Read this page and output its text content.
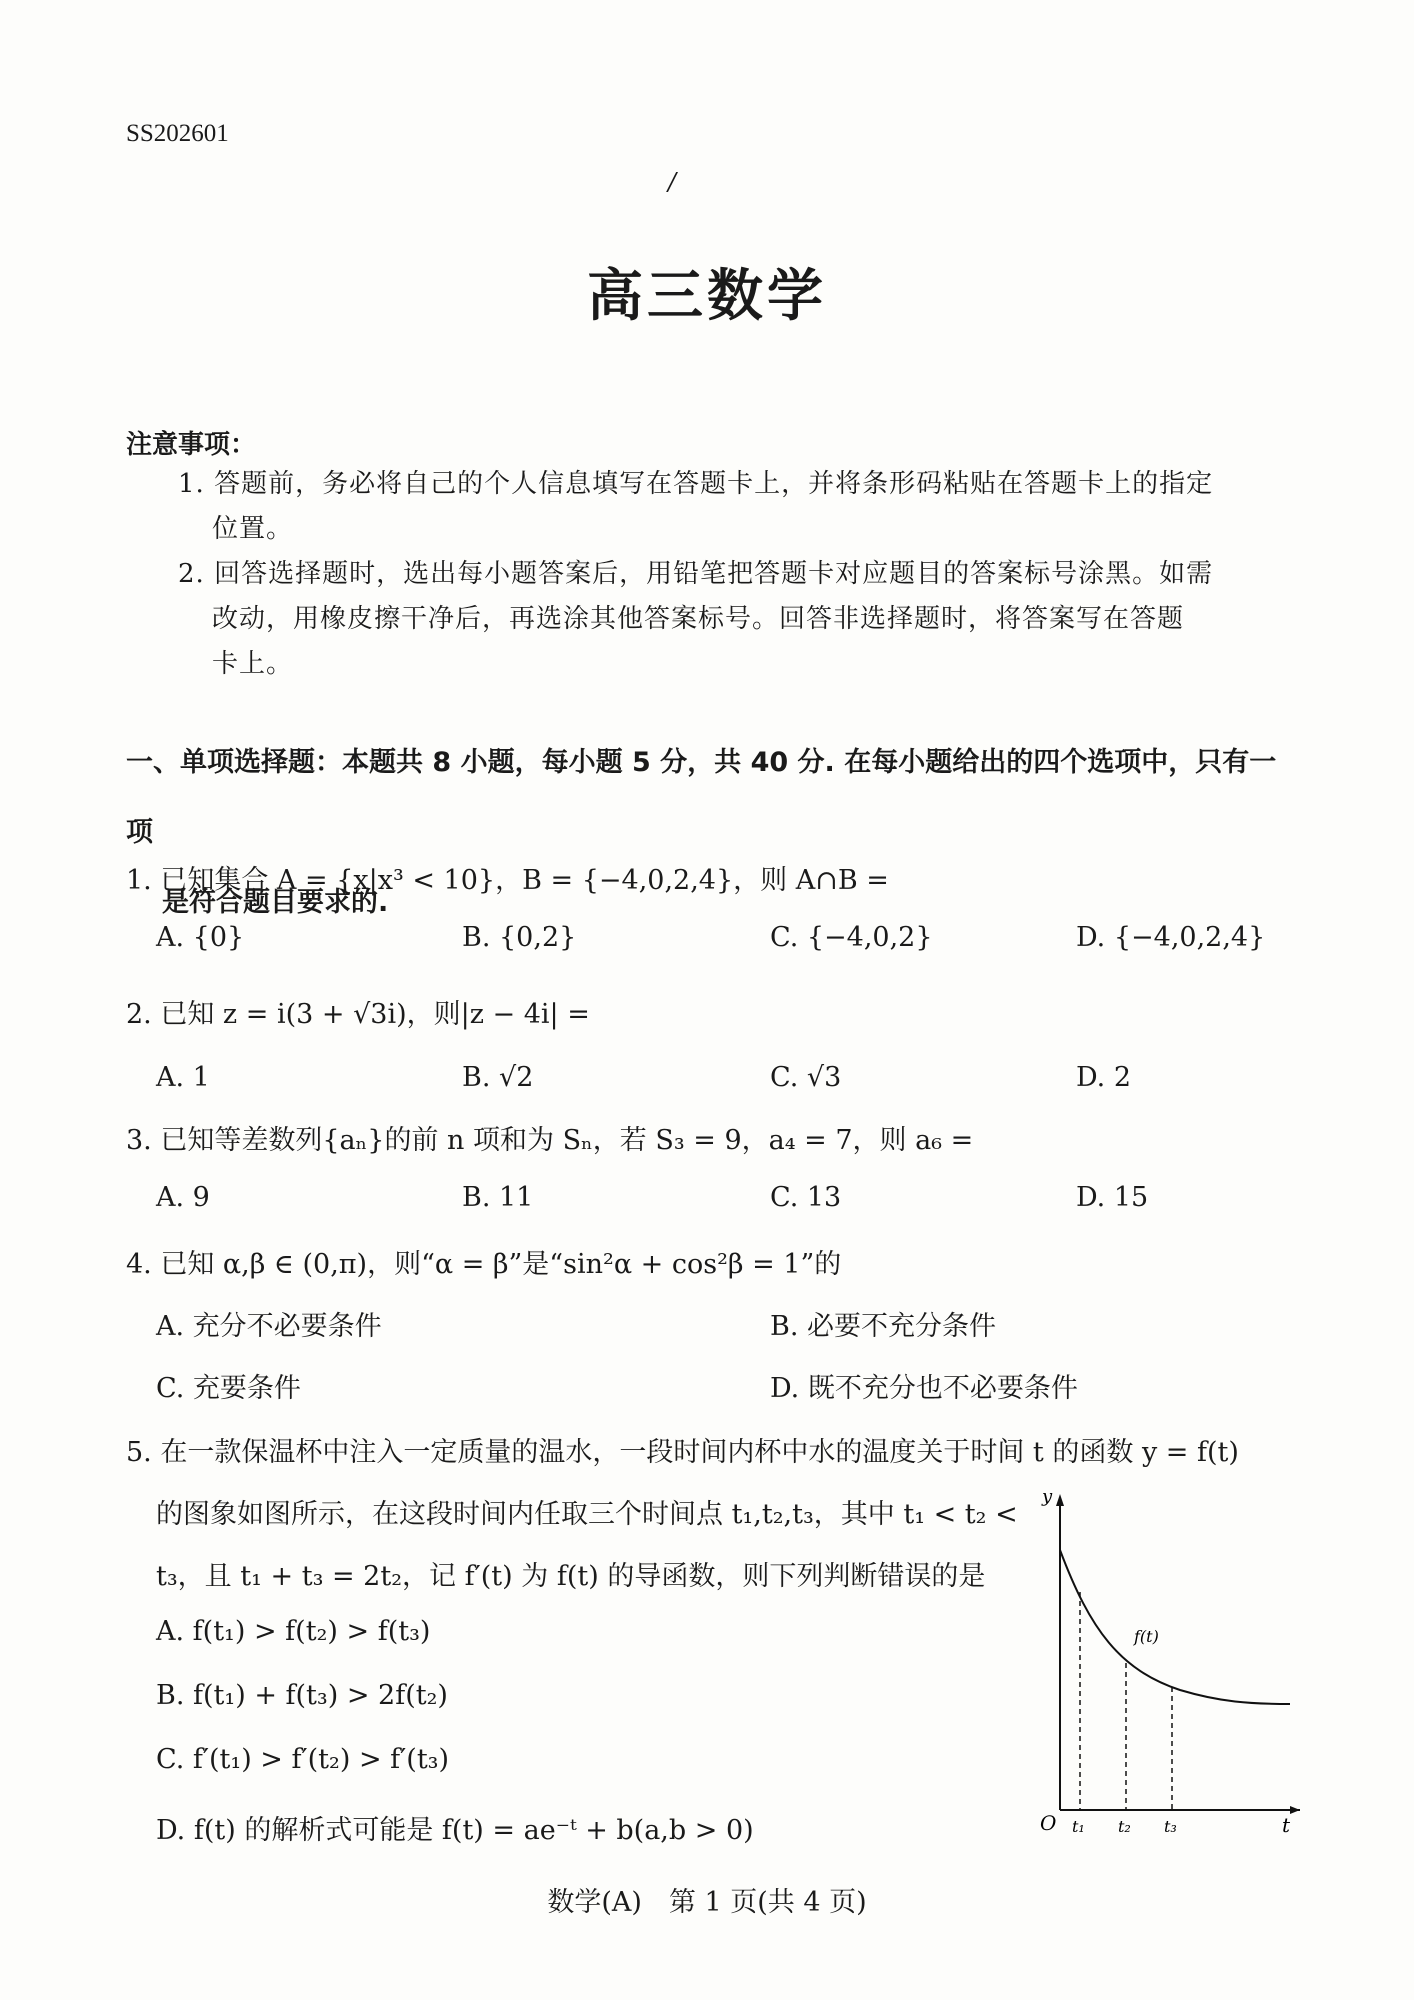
SS202601
/
高三数学
注意事项：
1. 答题前，务必将自己的个人信息填写在答题卡上，并将条形码粘贴在答题卡上的指定
位置。
2. 回答选择题时，选出每小题答案后，用铅笔把答题卡对应题目的答案标号涂黑。如需
改动，用橡皮擦干净后，再选涂其他答案标号。回答非选择题时，将答案写在答题
卡上。
一、单项选择题：本题共 8 小题，每小题 5 分，共 40 分. 在每小题给出的四个选项中，只有一项
是符合题目要求的.
1. 已知集合 A = {x|x³ < 10}，B = {−4,0,2,4}，则 A∩B =
A. {0}	B. {0,2}	C. {−4,0,2}	D. {−4,0,2,4}
2. 已知 z = i(3 + √3i)，则|z − 4i| =
A. 1	B. √2	C. √3	D. 2
3. 已知等差数列{aₙ}的前 n 项和为 Sₙ，若 S₃ = 9，a₄ = 7，则 a₆ =
A. 9	B. 11	C. 13	D. 15
4. 已知 α,β ∈ (0,π)，则“α = β”是“sin²α + cos²β = 1”的
A. 充分不必要条件	B. 必要不充分条件
C. 充要条件	D. 既不充分也不必要条件
5. 在一款保温杯中注入一定质量的温水，一段时间内杯中水的温度关于时间 t 的函数 y = f(t)
的图象如图所示，在这段时间内任取三个时间点 t₁,t₂,t₃，其中 t₁ < t₂ <
t₃，且 t₁ + t₃ = 2t₂，记 f′(t) 为 f(t) 的导函数，则下列判断错误的是
A. f(t₁) > f(t₂) > f(t₃)
B. f(t₁) + f(t₃) > 2f(t₂)
C. f′(t₁) > f′(t₂) > f′(t₃)
D. f(t) 的解析式可能是 f(t) = ae⁻ᵗ + b(a,b > 0)
y
t
O
f(t)
t₁ t₂ t₃
数学(A)　第 1 页(共 4 页)
